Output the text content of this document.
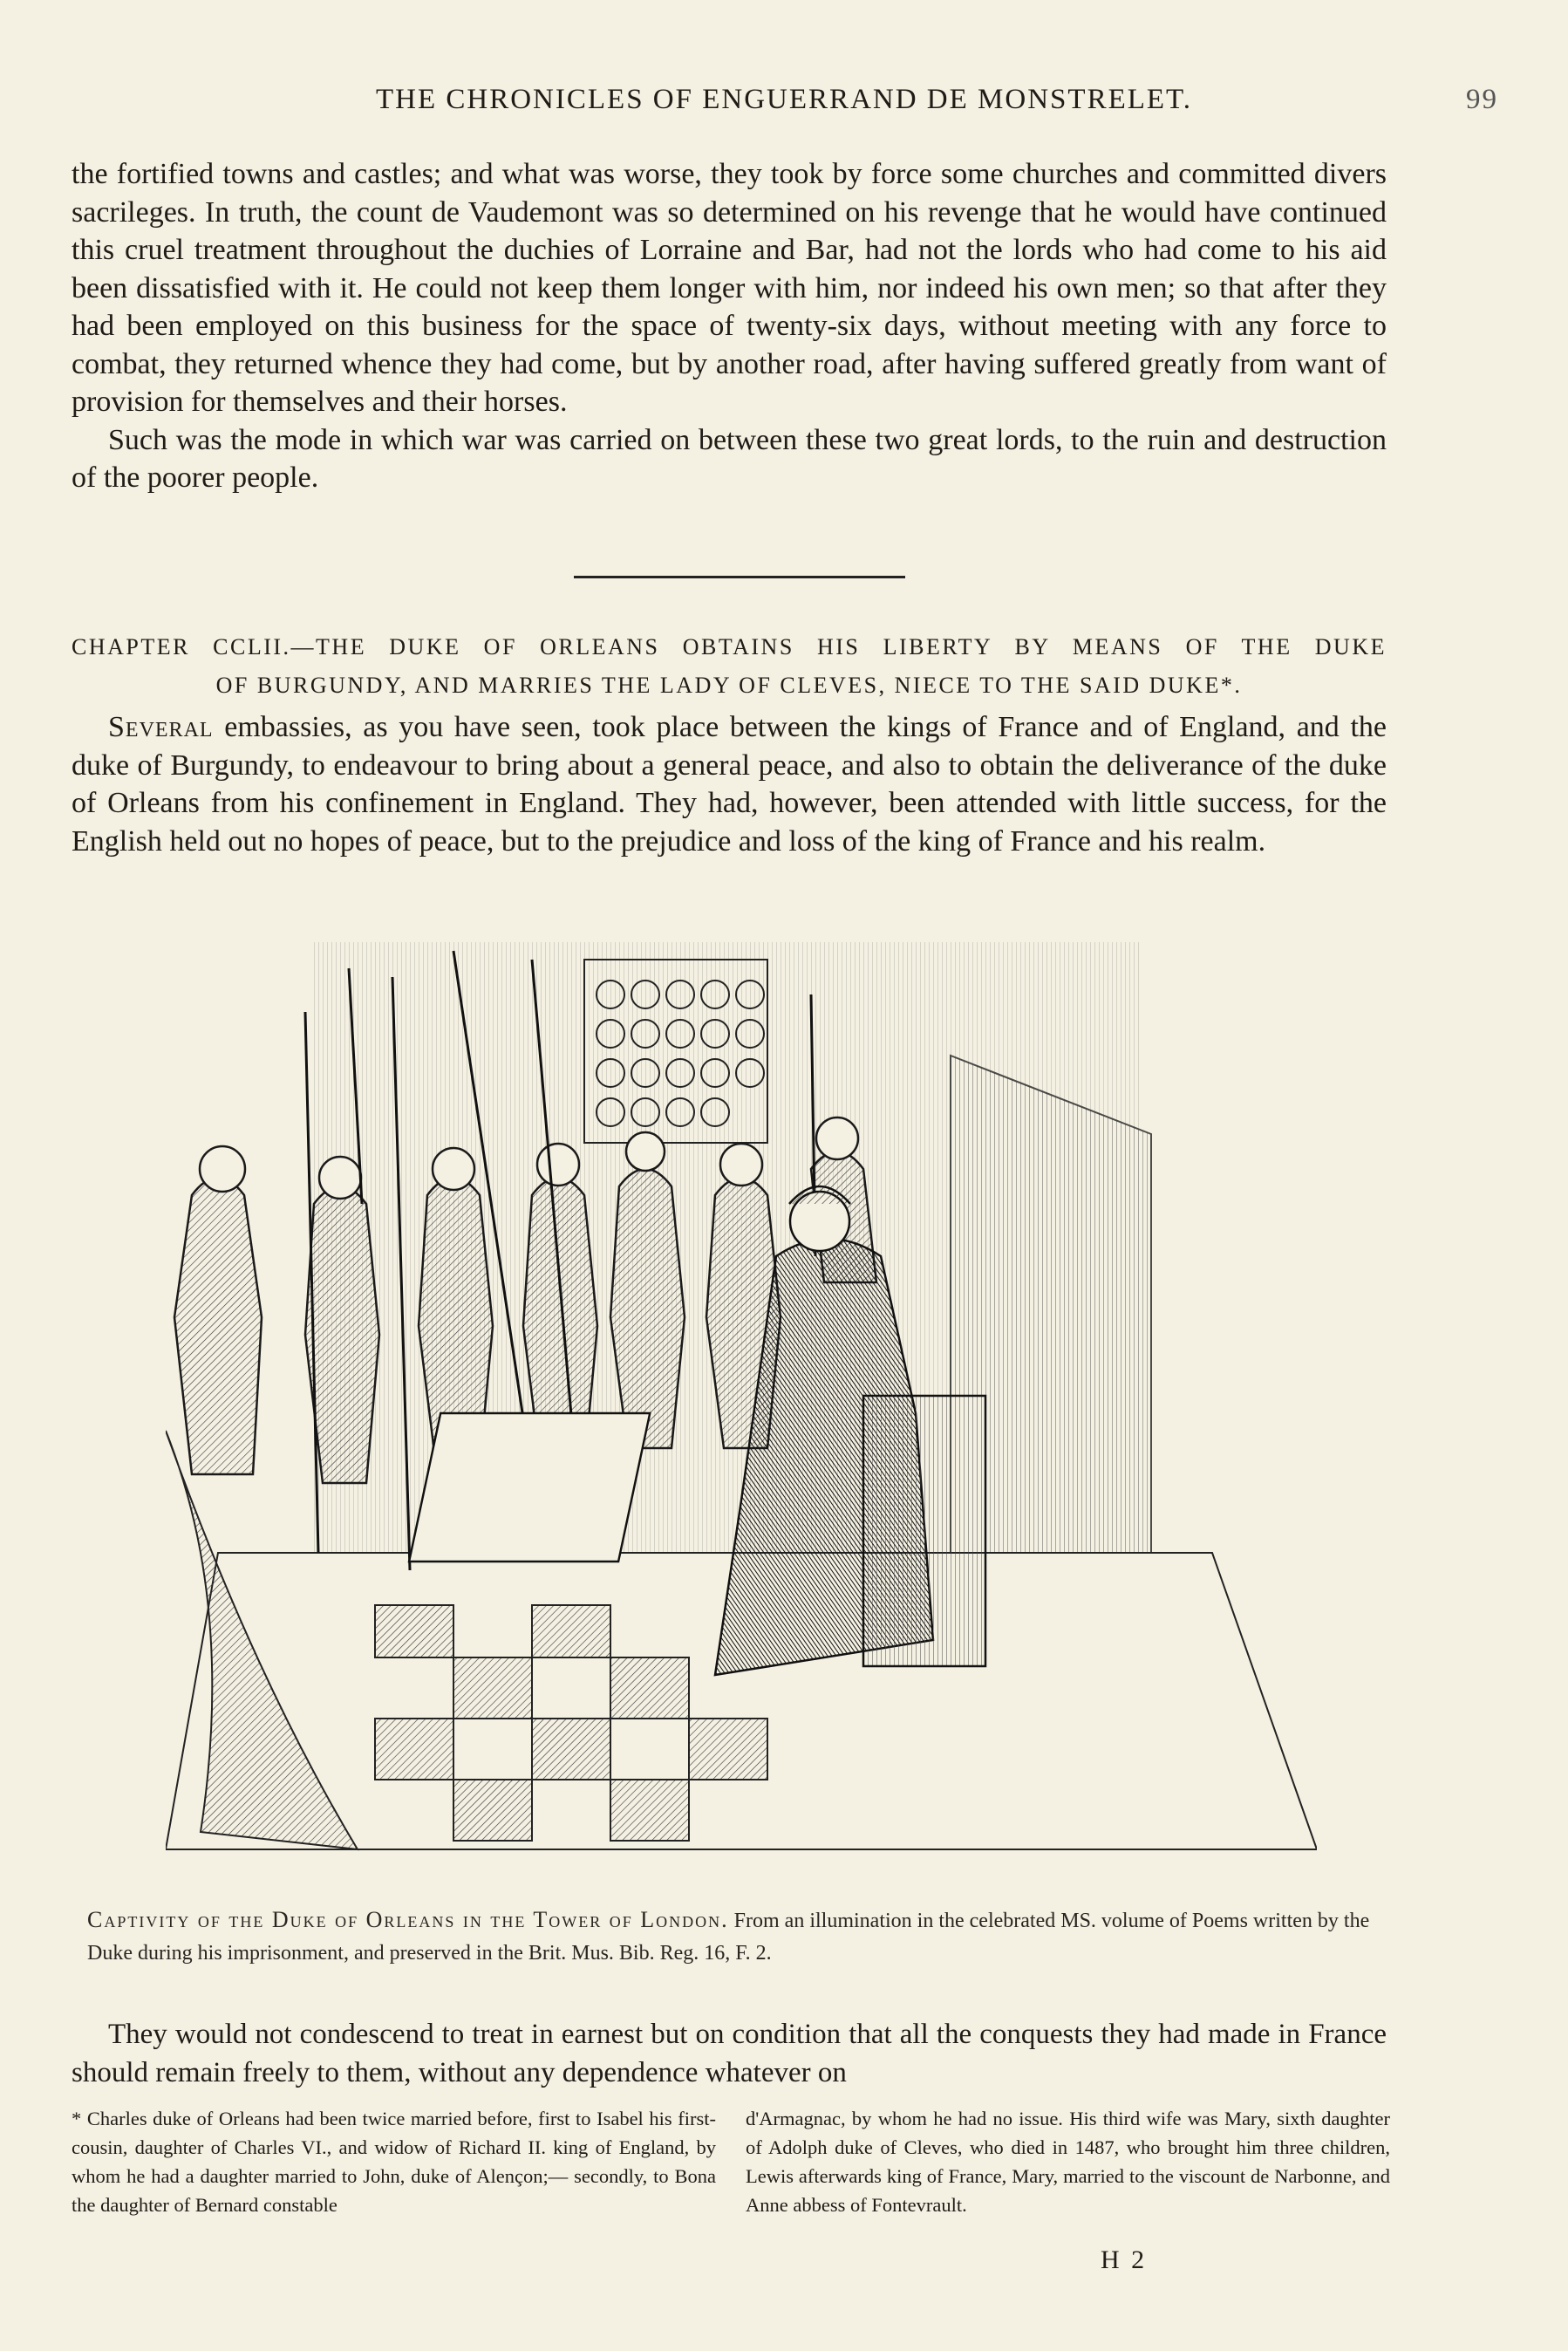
THE CHRONICLES OF ENGUERRAND DE MONSTRELET.	99

the fortified towns and castles; and what was worse, they took by force some churches and committed divers sacrileges. In truth, the count de Vaudemont was so determined on his revenge that he would have continued this cruel treatment throughout the duchies of Lorraine and Bar, had not the lords who had come to his aid been dissatisfied with it. He could not keep them longer with him, nor indeed his own men; so that after they had been employed on this business for the space of twenty-six days, without meeting with any force to combat, they returned whence they had come, but by another road, after having suffered greatly from want of provision for themselves and their horses.

Such was the mode in which war was carried on between these two great lords, to the ruin and destruction of the poorer people.

CHAPTER CCLII.—THE DUKE OF ORLEANS OBTAINS HIS LIBERTY BY MEANS OF THE DUKE
OF BURGUNDY, AND MARRIES THE LADY OF CLEVES, NIECE TO THE SAID DUKE*.

Several embassies, as you have seen, took place between the kings of France and of England, and the duke of Burgundy, to endeavour to bring about a general peace, and also to obtain the deliverance of the duke of Orleans from his confinement in England. They had, however, been attended with little success, for the English held out no hopes of peace, but to the prejudice and loss of the king of France and his realm.

Captivity of the Duke of Orleans in the Tower of London. From an illumination in the celebrated MS. volume of Poems written by the Duke during his imprisonment, and preserved in the Brit. Mus. Bib. Reg. 16, F. 2.

They would not condescend to treat in earnest but on condition that all the conquests they had made in France should remain freely to them, without any dependence whatever on

* Charles duke of Orleans had been twice married before, first to Isabel his first-cousin, daughter of Charles VI., and widow of Richard II. king of England, by whom he had a daughter married to John, duke of Alençon;— secondly, to Bona the daughter of Bernard constable
d'Armagnac, by whom he had no issue. His third wife was Mary, sixth daughter of Adolph duke of Cleves, who died in 1487, who brought him three children, Lewis afterwards king of France, Mary, married to the viscount de Narbonne, and Anne abbess of Fontevrault.
H 2
